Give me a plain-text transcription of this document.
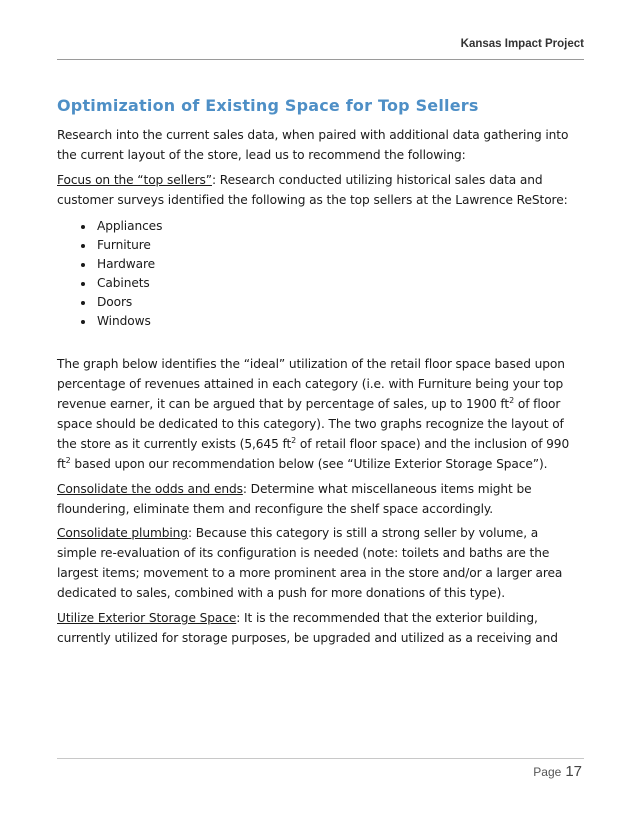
Kansas Impact Project
Optimization of Existing Space for Top Sellers

Research into the current sales data, when paired with additional data gathering into the current layout of the store, lead us to recommend the following:

Focus on the “top sellers”: Research conducted utilizing historical sales data and customer surveys identified the following as the top sellers at the Lawrence ReStore:

• Appliances
• Furniture
• Hardware
• Cabinets
• Doors
• Windows

The graph below identifies the “ideal” utilization of the retail floor space based upon percentage of revenues attained in each category (i.e. with Furniture being your top revenue earner, it can be argued that by percentage of sales, up to 1900 $ft^2$ of floor space should be dedicated to this category). The two graphs recognize the layout of the store as it currently exists (5,645 $ft^2$ of retail floor space) and the inclusion of 990 $ft^2$ based upon our recommendation below (see “Utilize Exterior Storage Space”).

Consolidate the odds and ends: Determine what miscellaneous items might be floundering, eliminate them and reconfigure the shelf space accordingly.

Consolidate plumbing: Because this category is still a strong seller by volume, a simple re-evaluation of its configuration is needed (note: toilets and baths are the largest items; movement to a more prominent area in the store and/or a larger area dedicated to sales, combined with a push for more donations of this type).

Utilize Exterior Storage Space: It is the recommended that the exterior building, currently utilized for storage purposes, be upgraded and utilized as a receiving and

Page 17
